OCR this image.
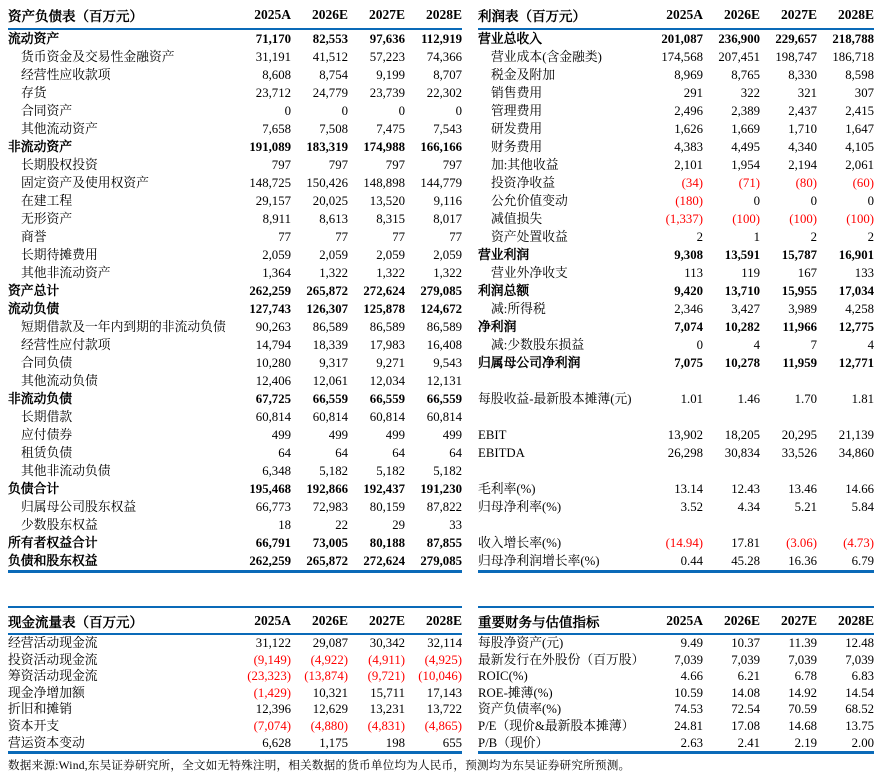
资产负债表（百万元）	2025A	2026E	2027E	2028E
流动资产	71,170	82,553	97,636	112,919
货币资金及交易性金融资产	31,191	41,512	57,223	74,366
经营性应收款项	8,608	8,754	9,199	8,707
存货	23,712	24,779	23,739	22,302
合同资产	0	0	0	0
其他流动资产	7,658	7,508	7,475	7,543
非流动资产	191,089	183,319	174,988	166,166
长期股权投资	797	797	797	797
固定资产及使用权资产	148,725	150,426	148,898	144,779
在建工程	29,157	20,025	13,520	9,116
无形资产	8,911	8,613	8,315	8,017
商誉	77	77	77	77
长期待摊费用	2,059	2,059	2,059	2,059
其他非流动资产	1,364	1,322	1,322	1,322
资产总计	262,259	265,872	272,624	279,085
流动负债	127,743	126,307	125,878	124,672
短期借款及一年内到期的非流动负债	90,263	86,589	86,589	86,589
经营性应付款项	14,794	18,339	17,983	16,408
合同负债	10,280	9,317	9,271	9,543
其他流动负债	12,406	12,061	12,034	12,131
非流动负债	67,725	66,559	66,559	66,559
长期借款	60,814	60,814	60,814	60,814
应付债券	499	499	499	499
租赁负债	64	64	64	64
其他非流动负债	6,348	5,182	5,182	5,182
负债合计	195,468	192,866	192,437	191,230
归属母公司股东权益	66,773	72,983	80,159	87,822
少数股东权益	18	22	29	33
所有者权益合计	66,791	73,005	80,188	87,855
负债和股东权益	262,259	265,872	272,624	279,085
利润表（百万元）	2025A	2026E	2027E	2028E
营业总收入	201,087	236,900	229,657	218,788
营业成本(含金融类)	174,568	207,451	198,747	186,718
税金及附加	8,969	8,765	8,330	8,598
销售费用	291	322	321	307
管理费用	2,496	2,389	2,437	2,415
研发费用	1,626	1,669	1,710	1,647
财务费用	4,383	4,495	4,340	4,105
加:其他收益	2,101	1,954	2,194	2,061
投资净收益	(34)	(71)	(80)	(60)
公允价值变动	(180)	0	0	0
减值损失	(1,337)	(100)	(100)	(100)
资产处置收益	2	1	2	2
营业利润	9,308	13,591	15,787	16,901
营业外净收支	113	119	167	133
利润总额	9,420	13,710	15,955	17,034
减:所得税	2,346	3,427	3,989	4,258
净利润	7,074	10,282	11,966	12,775
减:少数股东损益	0	4	7	4
归属母公司净利润	7,075	10,278	11,959	12,771

每股收益-最新股本摊薄(元)	1.01	1.46	1.70	1.81

EBIT	13,902	18,205	20,295	21,139
EBITDA	26,298	30,834	33,526	34,860

毛利率(%)	13.14	12.43	13.46	14.66
归母净利率(%)	3.52	4.34	5.21	5.84

收入增长率(%)	(14.94)	17.81	(3.06)	(4.73)
归母净利润增长率(%)	0.44	45.28	16.36	6.79
现金流量表（百万元）	2025A	2026E	2027E	2028E
经营活动现金流	31,122	29,087	30,342	32,114
投资活动现金流	(9,149)	(4,922)	(4,911)	(4,925)
筹资活动现金流	(23,323)	(13,874)	(9,721)	(10,046)
现金净增加额	(1,429)	10,321	15,711	17,143
折旧和摊销	12,396	12,629	13,231	13,722
资本开支	(7,074)	(4,880)	(4,831)	(4,865)
营运资本变动	6,628	1,175	198	655
重要财务与估值指标	2025A	2026E	2027E	2028E
每股净资产(元)	9.49	10.37	11.39	12.48
最新发行在外股份（百万股）	7,039	7,039	7,039	7,039
ROIC(%)	4.66	6.21	6.78	6.83
ROE-摊薄(%)	10.59	14.08	14.92	14.54
资产负债率(%)	74.53	72.54	70.59	68.52
P/E（现价&最新股本摊薄）	24.81	17.08	14.68	13.75
P/B（现价）	2.63	2.41	2.19	2.00
数据来源:Wind,东吴证券研究所，全文如无特殊注明，相关数据的货币单位均为人民币，预测均为东吴证券研究所预测。
